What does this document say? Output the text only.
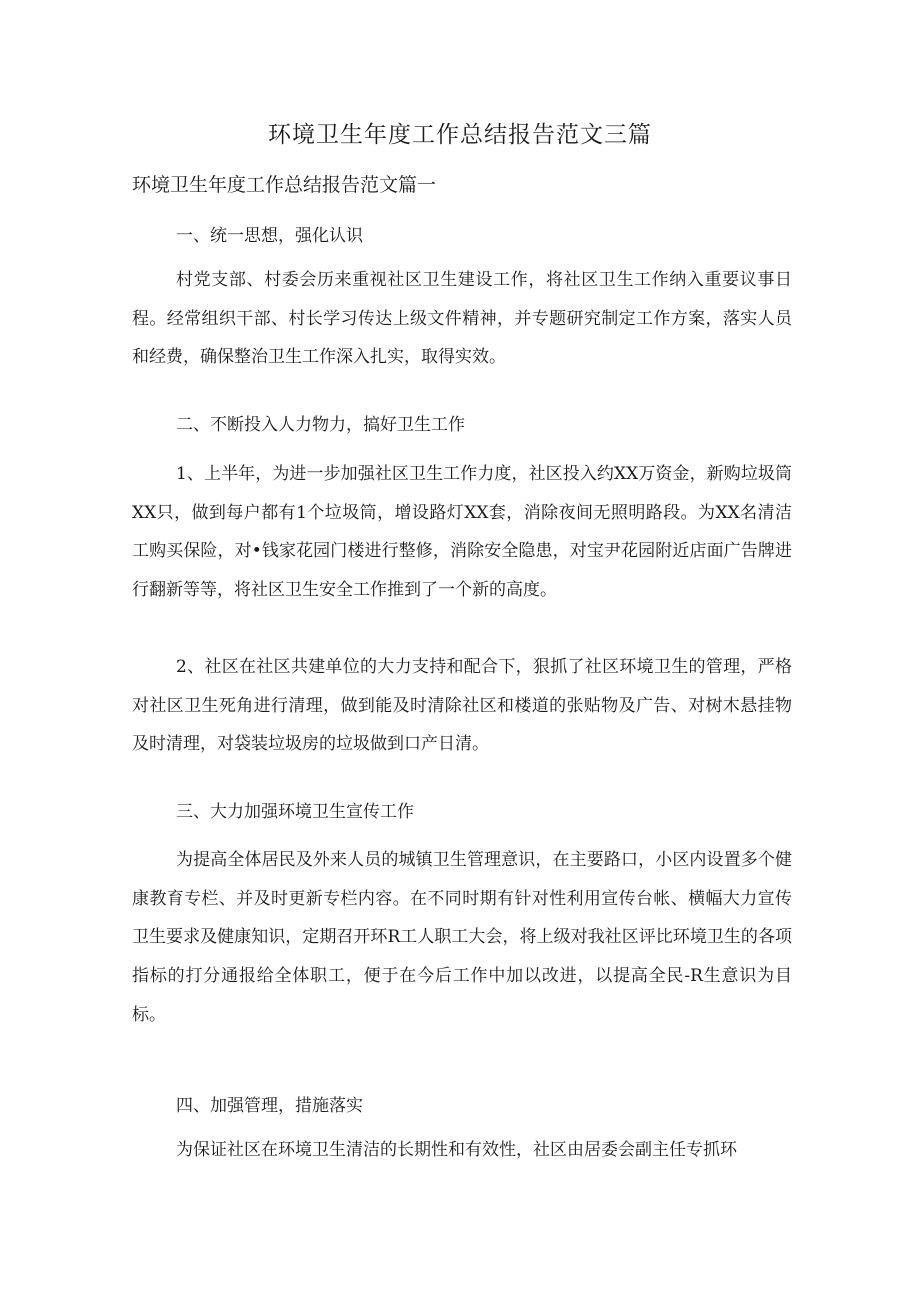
环境卫生年度工作总结报告范文三篇
环境卫生年度工作总结报告范文篇一

一、统一思想，强化认识

村党支部、村委会历来重视社区卫生建设工作，将社区卫生工作纳入重要议事日程。经常组织干部、村长学习传达上级文件精神，并专题研究制定工作方案，落实人员和经费，确保整治卫生工作深入扎实，取得实效。

二、不断投入人力物力，搞好卫生工作

1、上半年，为进一步加强社区卫生工作力度，社区投入约XX万资金，新购垃圾筒XX只，做到每户都有1个垃圾筒，增设路灯XX套，消除夜间无照明路段。为XX名清洁工购买保险，对•钱家花园门楼进行整修，消除安全隐患，对宝尹花园附近店面广告牌进行翻新等等，将社区卫生安全工作推到了一个新的高度。

2、社区在社区共建单位的大力支持和配合下，狠抓了社区环境卫生的管理，严格对社区卫生死角进行清理，做到能及时清除社区和楼道的张贴物及广告、对树木悬挂物及时清理，对袋装垃圾房的垃圾做到口产日清。

三、大力加强环境卫生宣传工作

为提高全体居民及外来人员的城镇卫生管理意识，在主要路口，小区内设置多个健康教育专栏、并及时更新专栏内容。在不同时期有针对性利用宣传台帐、横幅大力宣传卫生要求及健康知识，定期召开环R工人职工大会，将上级对我社区评比环境卫生的各项指标的打分通报给全体职工，便于在今后工作中加以改进，以提高全民-R生意识为目标。

四、加强管理，措施落实

为保证社区在环境卫生清洁的长期性和有效性，社区由居委会副主任专抓环
